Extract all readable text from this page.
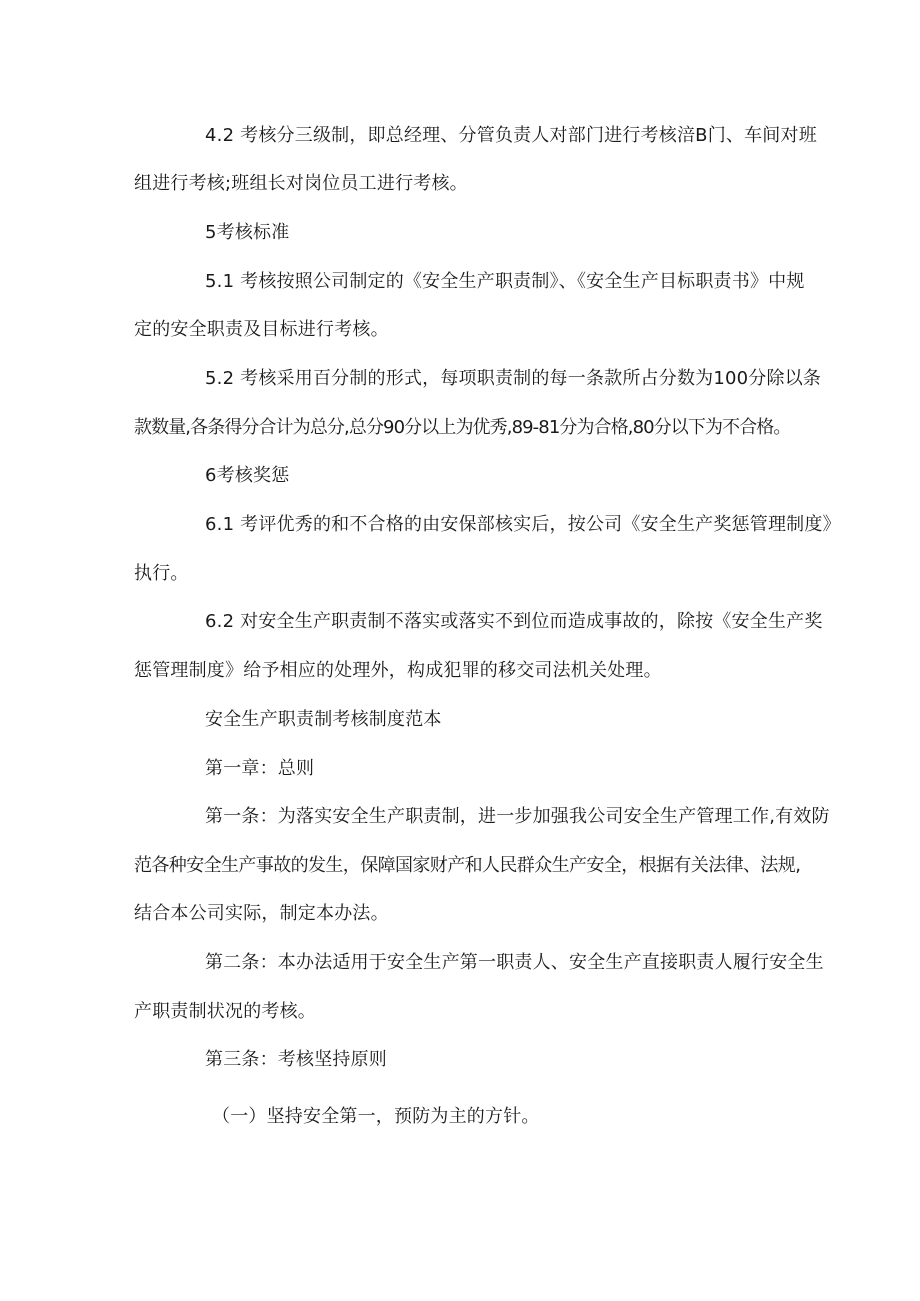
4.2 考核分三级制，即总经理、分管负责人对部门进行考核涪B门、车间对班
组进行考核;班组长对岗位员工进行考核。
5考核标准
5.1 考核按照公司制定的《安全生产职责制》、《安全生产目标职责书》中规
定的安全职责及目标进行考核。
5.2 考核采用百分制的形式，每项职责制的每一条款所占分数为100分除以条
款数量,各条得分合计为总分,总分90分以上为优秀,89-81分为合格,80分以下为不合格。
6考核奖惩
6.1 考评优秀的和不合格的由安保部核实后，按公司《安全生产奖惩管理制度》
执行。
6.2 对安全生产职责制不落实或落实不到位而造成事故的，除按《安全生产奖
惩管理制度》给予相应的处理外，构成犯罪的移交司法机关处理。
安全生产职责制考核制度范本
第一章：总则
第一条：为落实安全生产职责制，进一步加强我公司安全生产管理工作,有效防
范各种安全生产事故的发生，保障国家财产和人民群众生产安全，根据有关法律、法规,
结合本公司实际，制定本办法。
第二条：本办法适用于安全生产第一职责人、安全生产直接职责人履行安全生
产职责制状况的考核。
第三条：考核坚持原则
（一）坚持安全第一，预防为主的方针。
